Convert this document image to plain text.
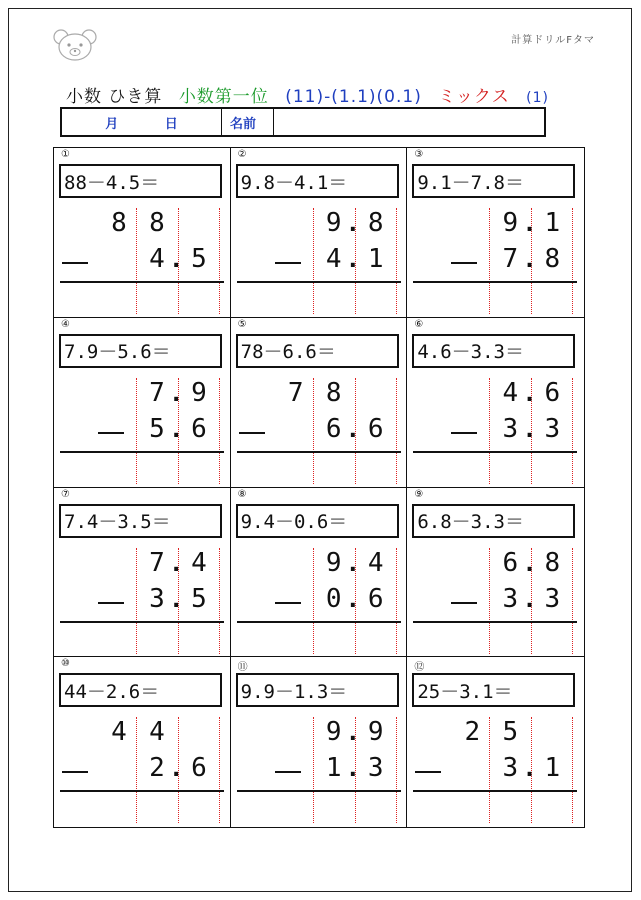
計算ドリルFタマ
小数 ひき算 小数第一位 (11)-(1.1)(0.1) ミックス (1)
月	日	名前
①
88－4.5＝
8 8
4 5
.
②
9.8－4.1＝
9 8
4 1
.
.
③
9.1－7.8＝
9 1
7 8
.
.
④
7.9－5.6＝
7 9
5 6
.
.
⑤
78－6.6＝
7 8
6 6
.
⑥
4.6－3.3＝
4 6
3 3
.
.
⑦
7.4－3.5＝
7 4
3 5
.
.
⑧
9.4－0.6＝
9 4
0 6
.
.
⑨
6.8－3.3＝
6 8
3 3
.
.
⑩
44－2.6＝
4 4
2 6
.
⑪
9.9－1.3＝
9 9
1 3
.
.
⑫
25－3.1＝
2 5
3 1
.
